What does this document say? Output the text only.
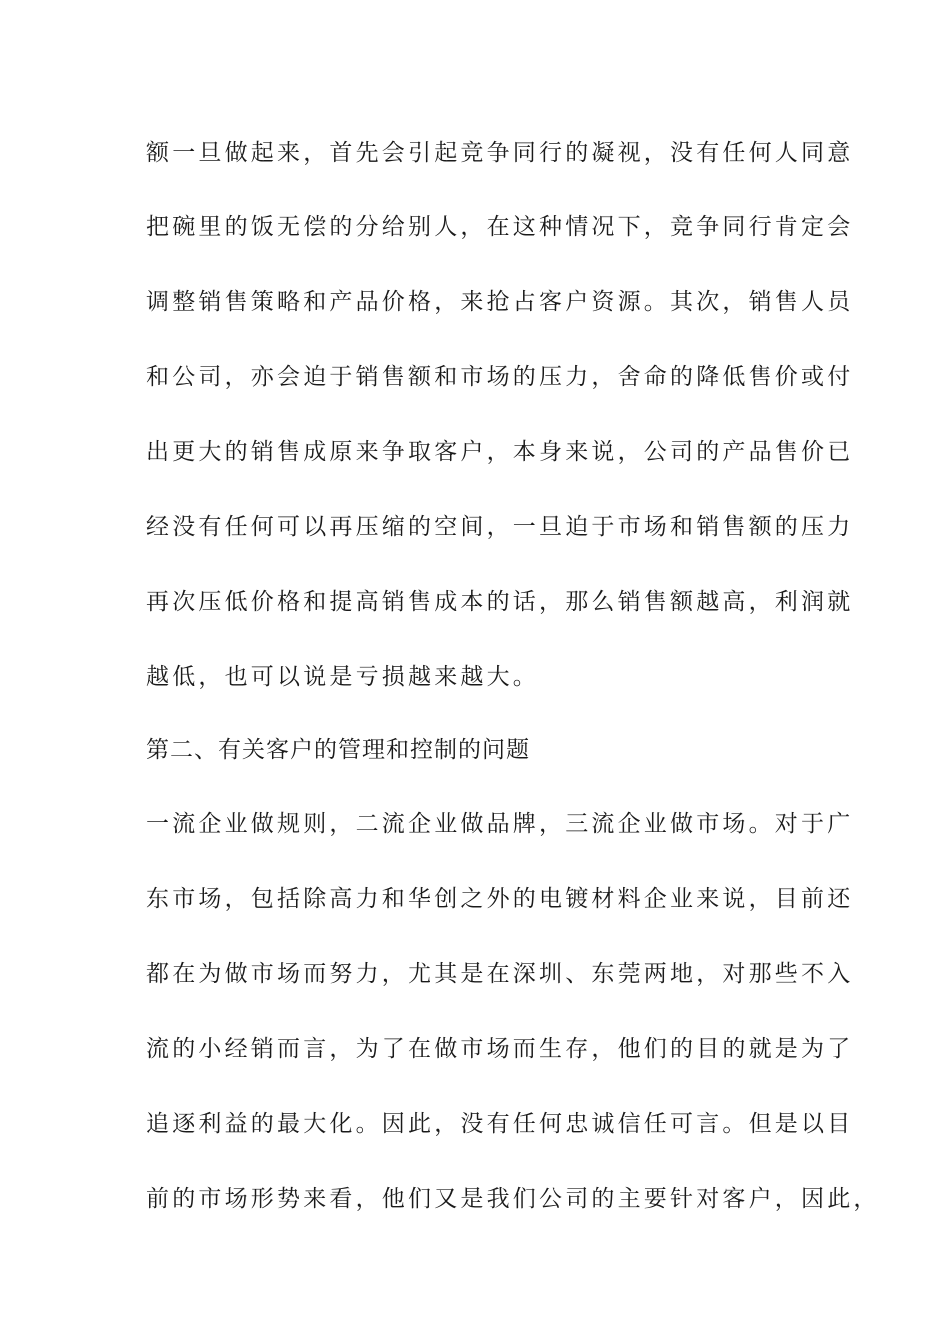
额一旦做起来，首先会引起竞争同行的凝视，没有任何人同意
把碗里的饭无偿的分给别人，在这种情况下，竞争同行肯定会
调整销售策略和产品价格，来抢占客户资源。其次，销售人员
和公司，亦会迫于销售额和市场的压力，舍命的降低售价或付
出更大的销售成原来争取客户，本身来说，公司的产品售价已
经没有任何可以再压缩的空间，一旦迫于市场和销售额的压力
再次压低价格和提高销售成本的话，那么销售额越高，利润就
越低，也可以说是亏损越来越大。
第二、有关客户的管理和控制的问题
一流企业做规则，二流企业做品牌，三流企业做市场。对于广
东市场，包括除高力和华创之外的电镀材料企业来说，目前还
都在为做市场而努力，尤其是在深圳、东莞两地，对那些不入
流的小经销而言，为了在做市场而生存，他们的目的就是为了
追逐利益的最大化。因此，没有任何忠诚信任可言。但是以目
前的市场形势来看，他们又是我们公司的主要针对客户，因此，
